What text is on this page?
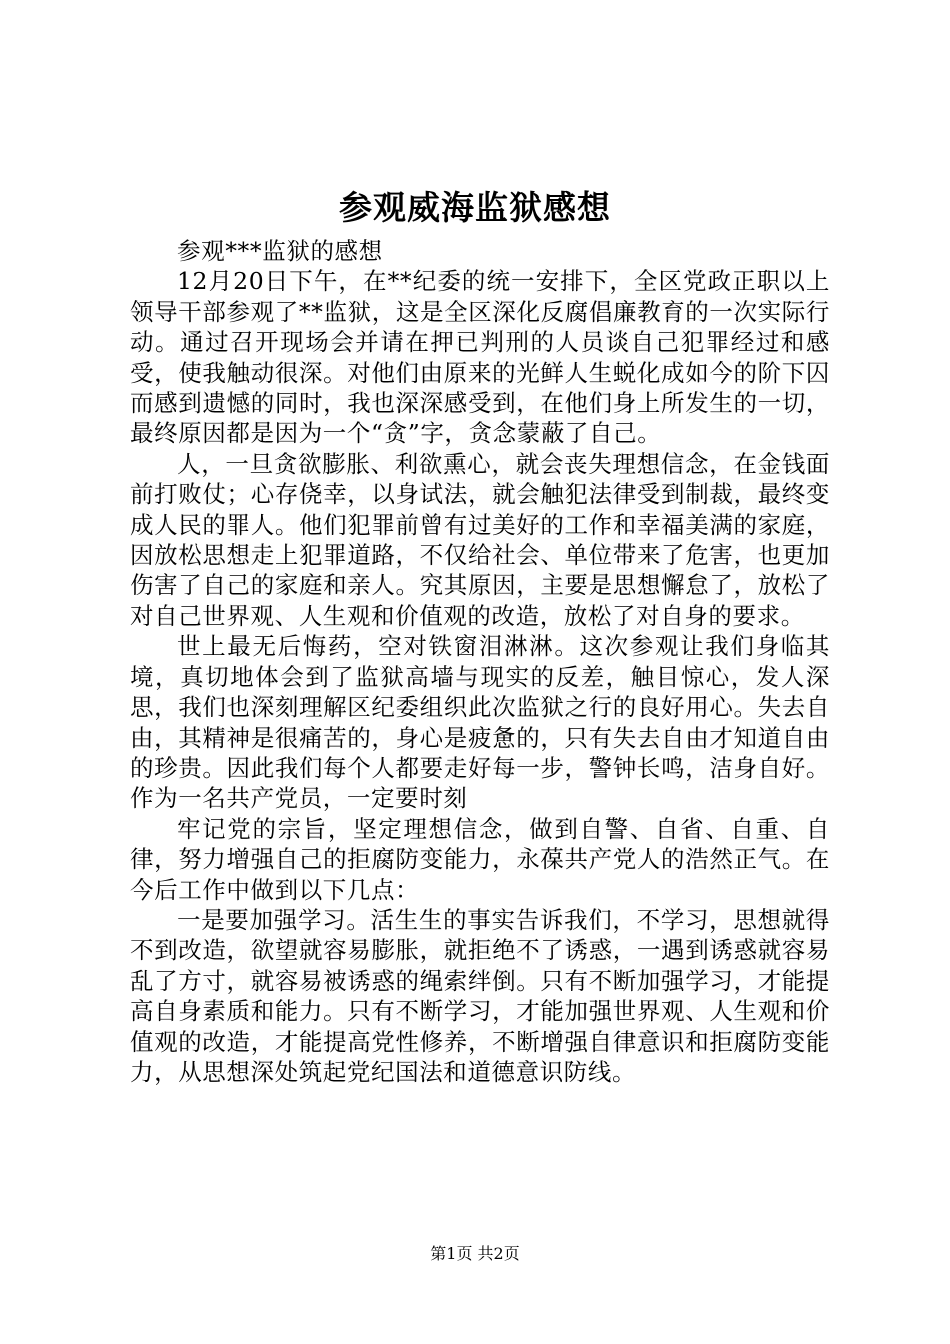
参观威海监狱感想

参观***监狱的感想

12月20日下午，在**纪委的统一安排下，全区党政正职以上领导干部参观了**监狱，这是全区深化反腐倡廉教育的一次实际行动。通过召开现场会并请在押已判刑的人员谈自己犯罪经过和感受，使我触动很深。对他们由原来的光鲜人生蜕化成如今的阶下囚而感到遗憾的同时，我也深深感受到，在他们身上所发生的一切，最终原因都是因为一个“贪”字，贪念蒙蔽了自己。

人，一旦贪欲膨胀、利欲熏心，就会丧失理想信念，在金钱面前打败仗；心存侥幸，以身试法，就会触犯法律受到制裁，最终变成人民的罪人。他们犯罪前曾有过美好的工作和幸福美满的家庭，因放松思想走上犯罪道路，不仅给社会、单位带来了危害，也更加伤害了自己的家庭和亲人。究其原因，主要是思想懈怠了，放松了对自己世界观、人生观和价值观的改造，放松了对自身的要求。

世上最无后悔药，空对铁窗泪淋淋。这次参观让我们身临其境，真切地体会到了监狱高墙与现实的反差，触目惊心，发人深思，我们也深刻理解区纪委组织此次监狱之行的良好用心。失去自由，其精神是很痛苦的，身心是疲惫的，只有失去自由才知道自由的珍贵。因此我们每个人都要走好每一步，警钟长鸣，洁身自好。作为一名共产党员，一定要时刻

牢记党的宗旨，坚定理想信念，做到自警、自省、自重、自律，努力增强自己的拒腐防变能力，永葆共产党人的浩然正气。在今后工作中做到以下几点：

一是要加强学习。活生生的事实告诉我们，不学习，思想就得不到改造，欲望就容易膨胀，就拒绝不了诱惑，一遇到诱惑就容易乱了方寸，就容易被诱惑的绳索绊倒。只有不断加强学习，才能提高自身素质和能力。只有不断学习，才能加强世界观、人生观和价值观的改造，才能提高党性修养，不断增强自律意识和拒腐防变能力，从思想深处筑起党纪国法和道德意识防线。

第1页 共2页
